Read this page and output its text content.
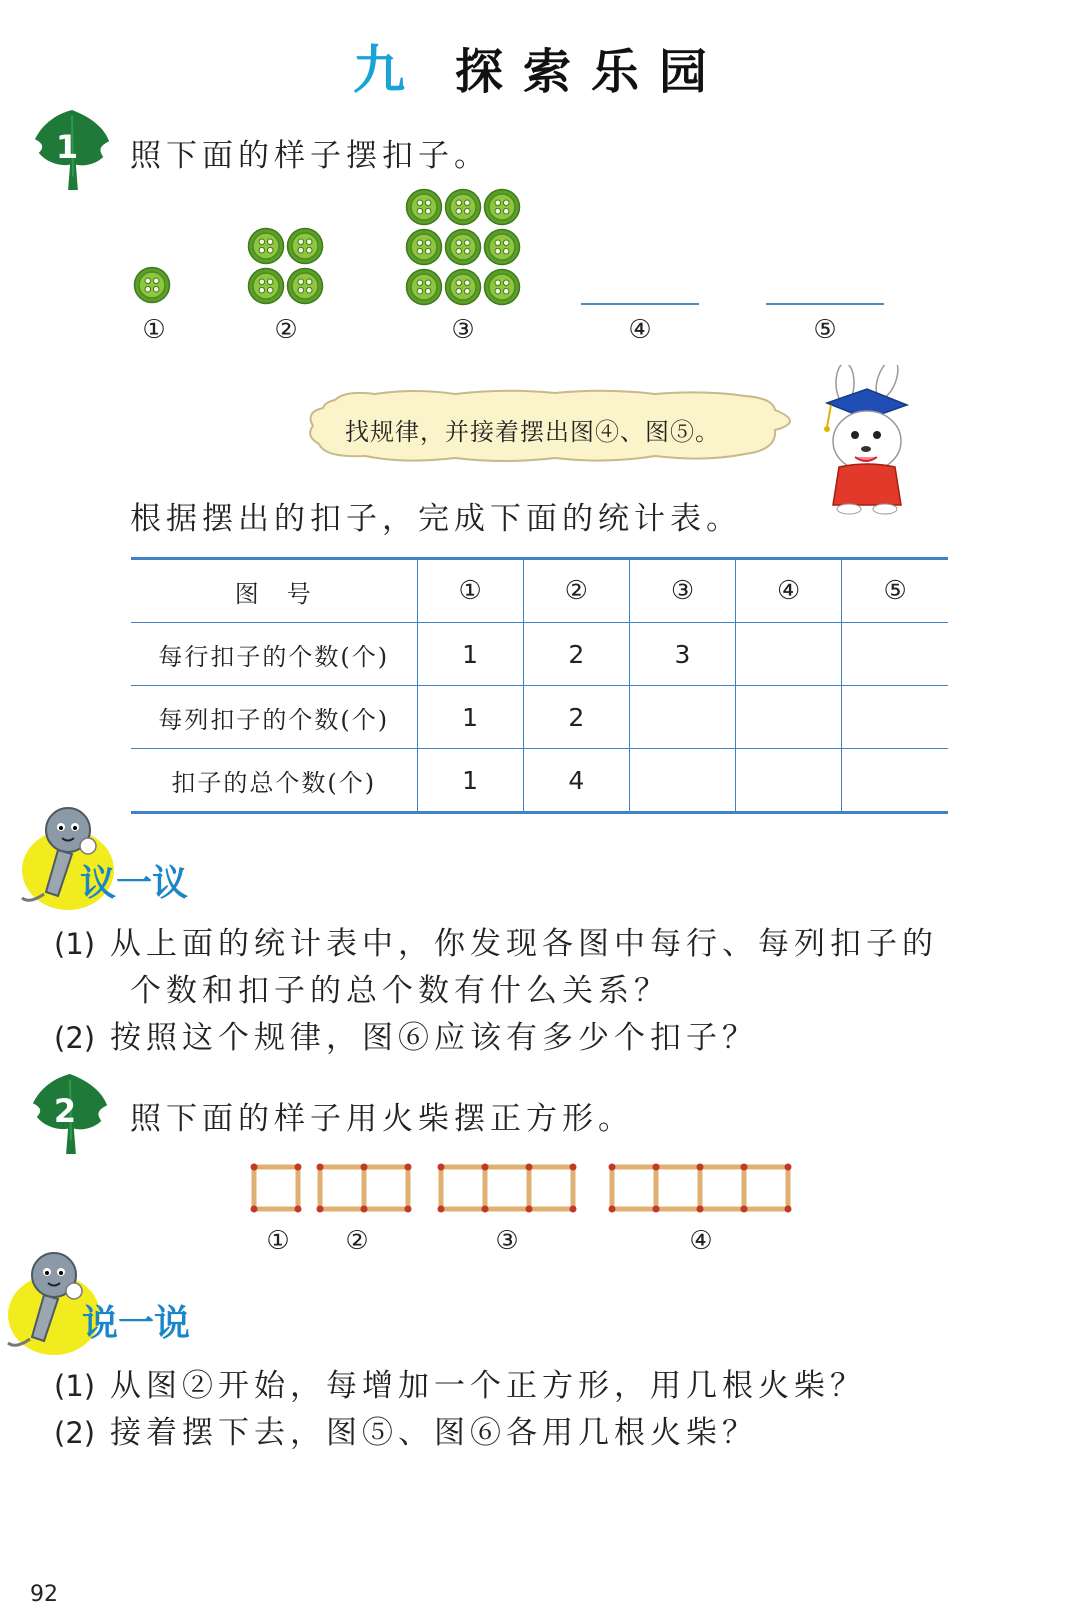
九 探索乐园
1	照下面的样子摆扣子。
①	②	③	④	⑤
找规律，并接着摆出图④、图⑤。
根据摆出的扣子，完成下面的统计表。
图　号	①	②	③	④	⑤
每行扣子的个数(个)	1	2	3		
每列扣子的个数(个)	1	2			
扣子的总个数(个)	1	4			
议一议
(1) 从上面的统计表中，你发现各图中每行、每列扣子的
个数和扣子的总个数有什么关系？
(2) 按照这个规律，图⑥应该有多少个扣子？
2	照下面的样子用火柴摆正方形。
①	②	③	④
说一说
(1) 从图②开始，每增加一个正方形，用几根火柴？
(2) 接着摆下去，图⑤、图⑥各用几根火柴？
92
